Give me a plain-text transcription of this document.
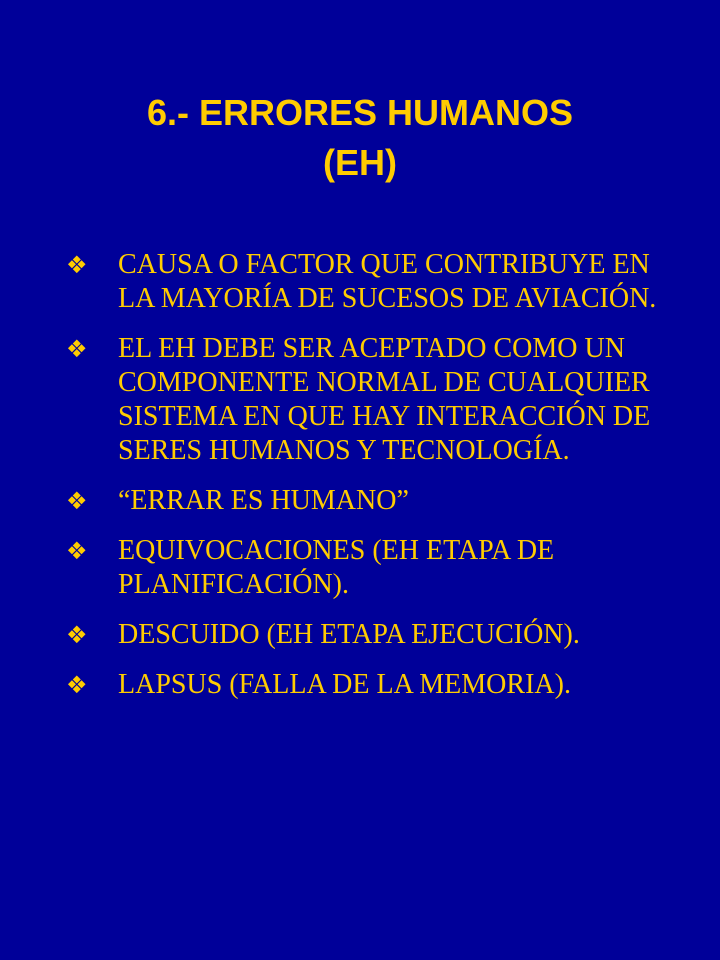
6.- ERRORES HUMANOS
(EH)
❖ CAUSA O FACTOR QUE CONTRIBUYE EN LA MAYORÍA DE SUCESOS DE AVIACIÓN.
❖ EL EH DEBE SER ACEPTADO COMO UN COMPONENTE NORMAL DE CUALQUIER SISTEMA EN QUE HAY INTERACCIÓN DE SERES HUMANOS Y TECNOLOGÍA.
❖ “ERRAR ES HUMANO”
❖ EQUIVOCACIONES (EH ETAPA DE PLANIFICACIÓN).
❖ DESCUIDO (EH ETAPA EJECUCIÓN).
❖ LAPSUS (FALLA DE LA MEMORIA).
